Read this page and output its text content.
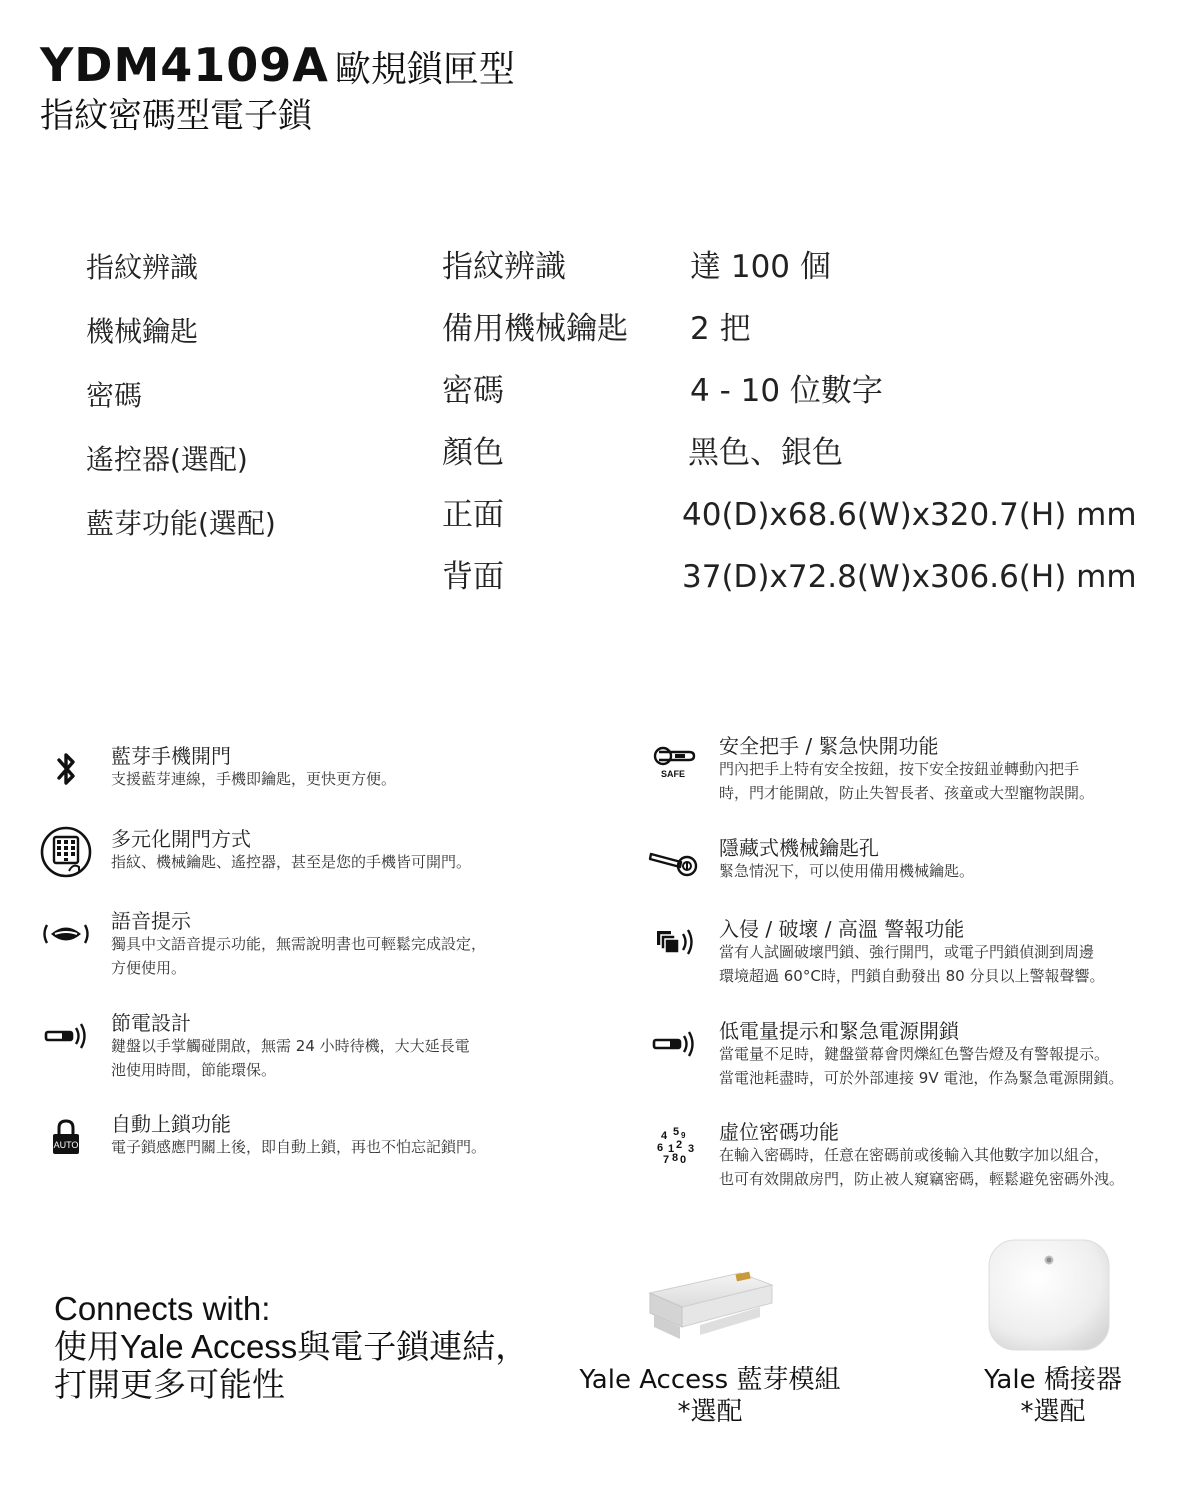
YDM4109A 歐規鎖匣型
指紋密碼型電子鎖
指紋辨識
機械鑰匙
密碼
遙控器(選配)
藍芽功能(選配)
指紋辨識
備用機械鑰匙
密碼
顏色
正面
背面
達 100 個
2 把
4 - 10 位數字
黑色、銀色
40(D)x68.6(W)x320.7(H) mm
37(D)x72.8(W)x306.6(H) mm
藍芽手機開門
支援藍芽連線，手機即鑰匙，更快更方便。
多元化開門方式
指紋、機械鑰匙、遙控器，甚至是您的手機皆可開門。
語音提示
獨具中文語音提示功能，無需說明書也可輕鬆完成設定，
方便使用。
節電設計
鍵盤以手掌觸碰開啟，無需 24 小時待機，大大延長電
池使用時間，節能環保。
AUTO
自動上鎖功能
電子鎖感應門關上後，即自動上鎖，再也不怕忘記鎖門。
SAFE
安全把手 / 緊急快開功能
門內把手上特有安全按鈕，按下安全按鈕並轉動內把手
時，門才能開啟，防止失智長者、孩童或大型寵物誤開。
隱藏式機械鑰匙孔
緊急情況下，可以使用備用機械鑰匙。
入侵 / 破壞 / 高溫 警報功能
當有人試圖破壞門鎖、強行開門，或電子門鎖偵測到周邊
環境超過 60°C時，門鎖自動發出 80 分貝以上警報聲響。
低電量提示和緊急電源開鎖
當電量不足時，鍵盤螢幕會閃爍紅色警告燈及有警報提示。
當電池耗盡時，可於外部連接 9V 電池，作為緊急電源開鎖。
4 5 9
6 1 2 3
7 8 0
虛位密碼功能
在輸入密碼時，任意在密碼前或後輸入其他數字加以組合，
也可有效開啟房門，防止被人窺竊密碼，輕鬆避免密碼外洩。
Connects with:
使用Yale Access與電子鎖連結，
打開更多可能性	Yale Access 藍芽模組
*選配
Yale 橋接器
*選配
